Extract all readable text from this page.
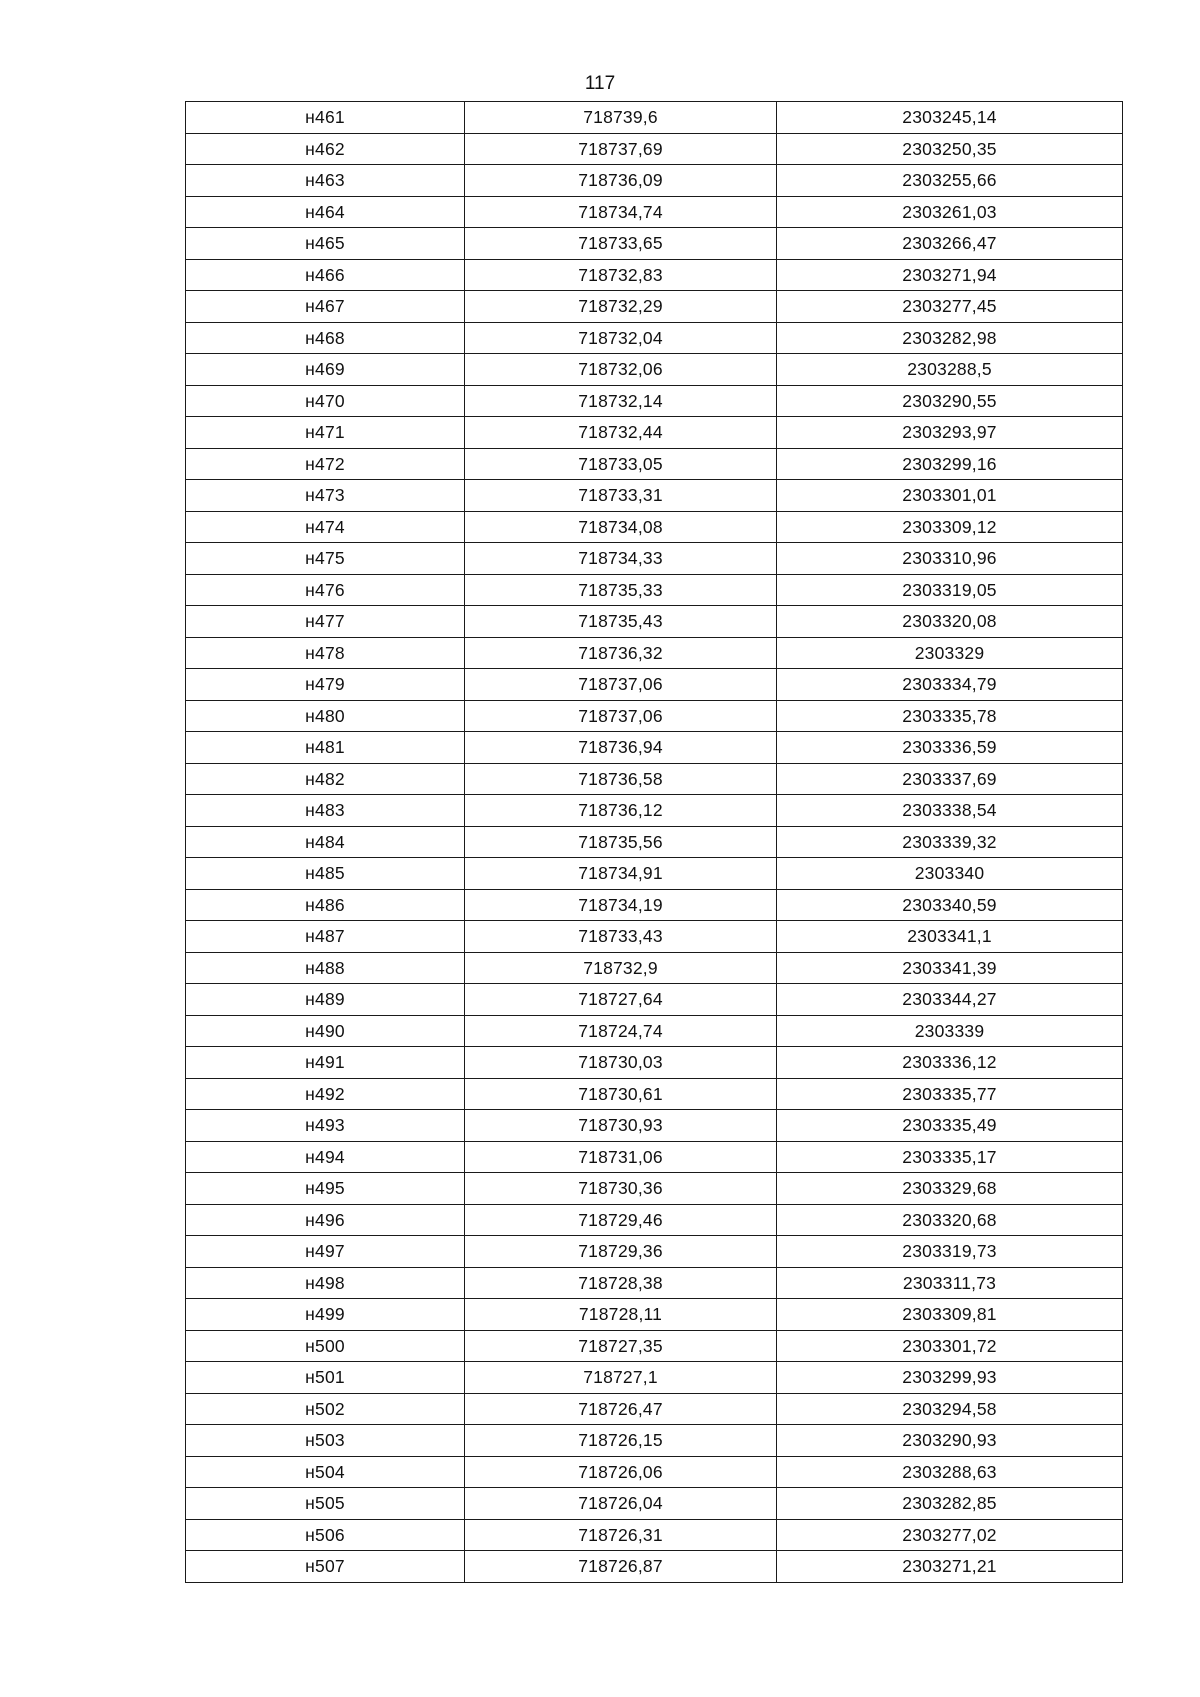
117
н461	718739,6	2303245,14
н462	718737,69	2303250,35
н463	718736,09	2303255,66
н464	718734,74	2303261,03
н465	718733,65	2303266,47
н466	718732,83	2303271,94
н467	718732,29	2303277,45
н468	718732,04	2303282,98
н469	718732,06	2303288,5
н470	718732,14	2303290,55
н471	718732,44	2303293,97
н472	718733,05	2303299,16
н473	718733,31	2303301,01
н474	718734,08	2303309,12
н475	718734,33	2303310,96
н476	718735,33	2303319,05
н477	718735,43	2303320,08
н478	718736,32	2303329
н479	718737,06	2303334,79
н480	718737,06	2303335,78
н481	718736,94	2303336,59
н482	718736,58	2303337,69
н483	718736,12	2303338,54
н484	718735,56	2303339,32
н485	718734,91	2303340
н486	718734,19	2303340,59
н487	718733,43	2303341,1
н488	718732,9	2303341,39
н489	718727,64	2303344,27
н490	718724,74	2303339
н491	718730,03	2303336,12
н492	718730,61	2303335,77
н493	718730,93	2303335,49
н494	718731,06	2303335,17
н495	718730,36	2303329,68
н496	718729,46	2303320,68
н497	718729,36	2303319,73
н498	718728,38	2303311,73
н499	718728,11	2303309,81
н500	718727,35	2303301,72
н501	718727,1	2303299,93
н502	718726,47	2303294,58
н503	718726,15	2303290,93
н504	718726,06	2303288,63
н505	718726,04	2303282,85
н506	718726,31	2303277,02
н507	718726,87	2303271,21
